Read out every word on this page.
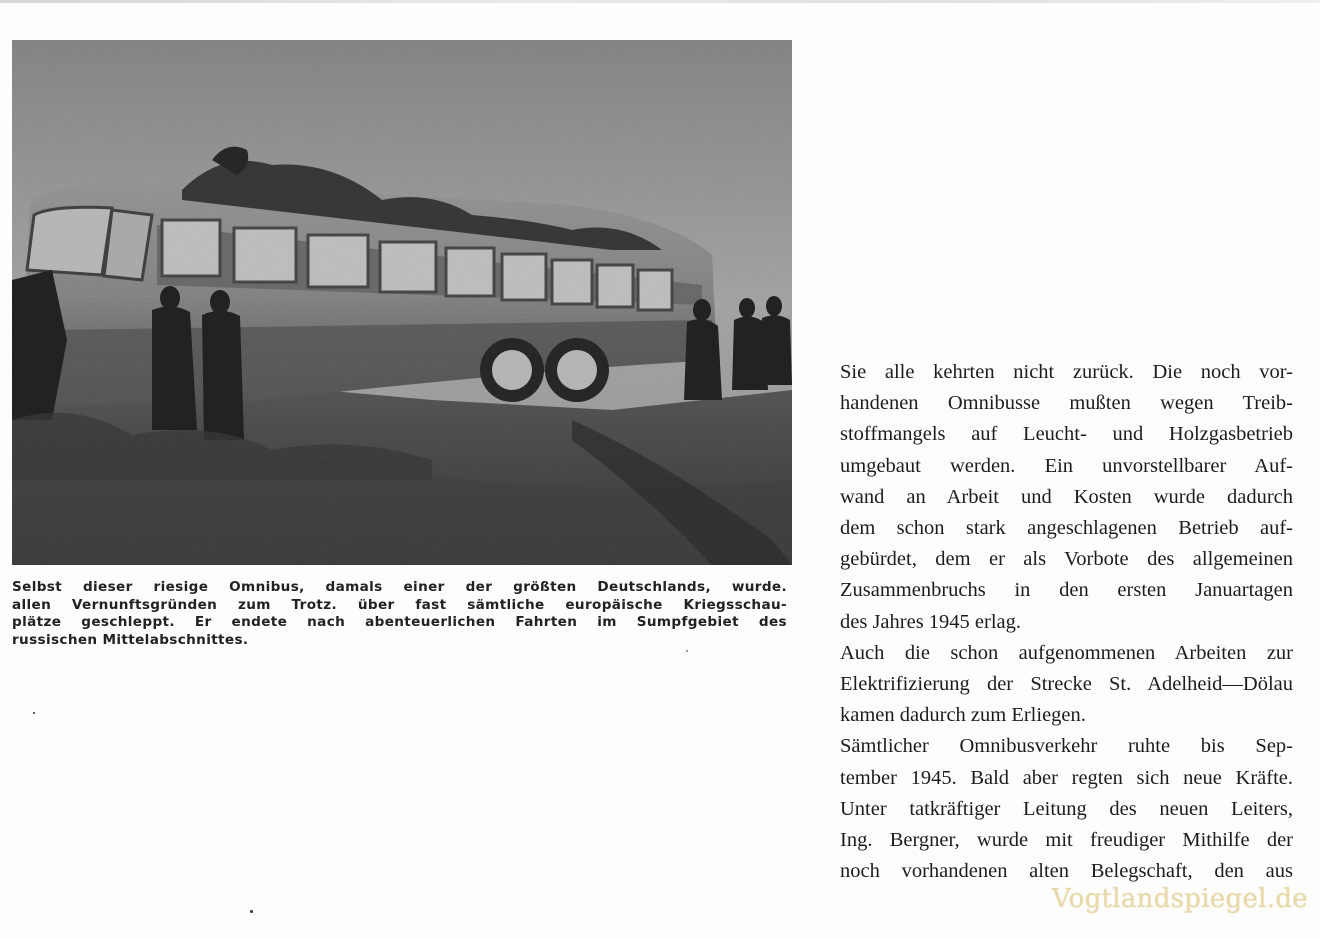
Selbst dieser riesige Omnibus, damals einer der größten Deutschlands, wurde.
allen Vernunftsgründen zum Trotz. über fast sämtliche europäische Kriegsschau-
plätze geschleppt. Er endete nach abenteuerlichen Fahrten im Sumpfgebiet des
russischen Mittelabschnittes.
Sie alle kehrten nicht zurück. Die noch vor-
handenen Omnibusse mußten wegen Treib-
stoffmangels auf Leucht- und Holzgasbetrieb
umgebaut werden. Ein unvorstellbarer Auf-
wand an Arbeit und Kosten wurde dadurch
dem schon stark angeschlagenen Betrieb auf-
gebürdet, dem er als Vorbote des allgemeinen
Zusammenbruchs in den ersten Januartagen
des Jahres 1945 erlag.
Auch die schon aufgenommenen Arbeiten zur
Elektrifizierung der Strecke St. Adelheid—Dölau
kamen dadurch zum Erliegen.
Sämtlicher Omnibusverkehr ruhte bis Sep-
tember 1945. Bald aber regten sich neue Kräfte.
Unter tatkräftiger Leitung des neuen Leiters,
Ing. Bergner, wurde mit freudiger Mithilfe der
noch vorhandenen alten Belegschaft, den aus
Vogtlandspiegel.de
